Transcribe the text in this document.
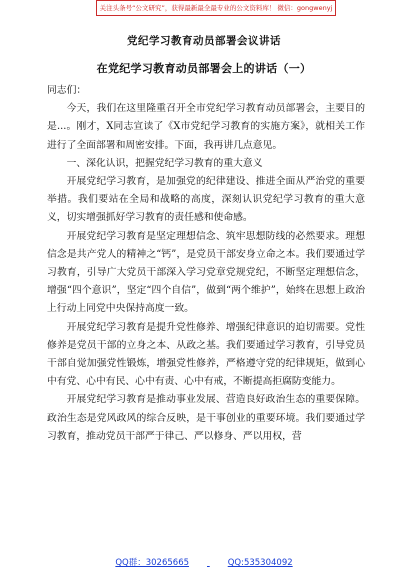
关注头条号“公文研究”，获得最新最全最专业的公文资料库！ 微信：gongwenyj
党纪学习教育动员部署会议讲话
在党纪学习教育动员部署会上的讲话（一）

同志们：

今天，我们在这里隆重召开全市党纪学习教育动员部署会，主要目的是...。刚才，X同志宣读了《X市党纪学习教育的实施方案》，就相关工作进行了全面部署和周密安排。下面，我再讲几点意见。

一、深化认识，把握党纪学习教育的重大意义

开展党纪学习教育，是加强党的纪律建设、推进全面从严治党的重要举措。我们要站在全局和战略的高度，深刻认识党纪学习教育的重大意义，切实增强抓好学习教育的责任感和使命感。

开展党纪学习教育是坚定理想信念、筑牢思想防线的必然要求。理想信念是共产党人的精神之“钙”，是党员干部安身立命之本。我们要通过学习教育，引导广大党员干部深入学习党章党规党纪，不断坚定理想信念，增强“四个意识”，坚定“四个自信”，做到“两个维护”，始终在思想上政治上行动上同党中央保持高度一致。

开展党纪学习教育是提升党性修养、增强纪律意识的迫切需要。党性修养是党员干部的立身之本、从政之基。我们要通过学习教育，引导党员干部自觉加强党性锻炼，增强党性修养，严格遵守党的纪律规矩，做到心中有党、心中有民、心中有责、心中有戒，不断提高拒腐防变能力。

开展党纪学习教育是推动事业发展、营造良好政治生态的重要保障。政治生态是党风政风的综合反映，是干事创业的重要环境。我们要通过学习教育，推动党员干部严于律己、严以修身、严以用权，营

QQ群：30265665	QQ:535304092
